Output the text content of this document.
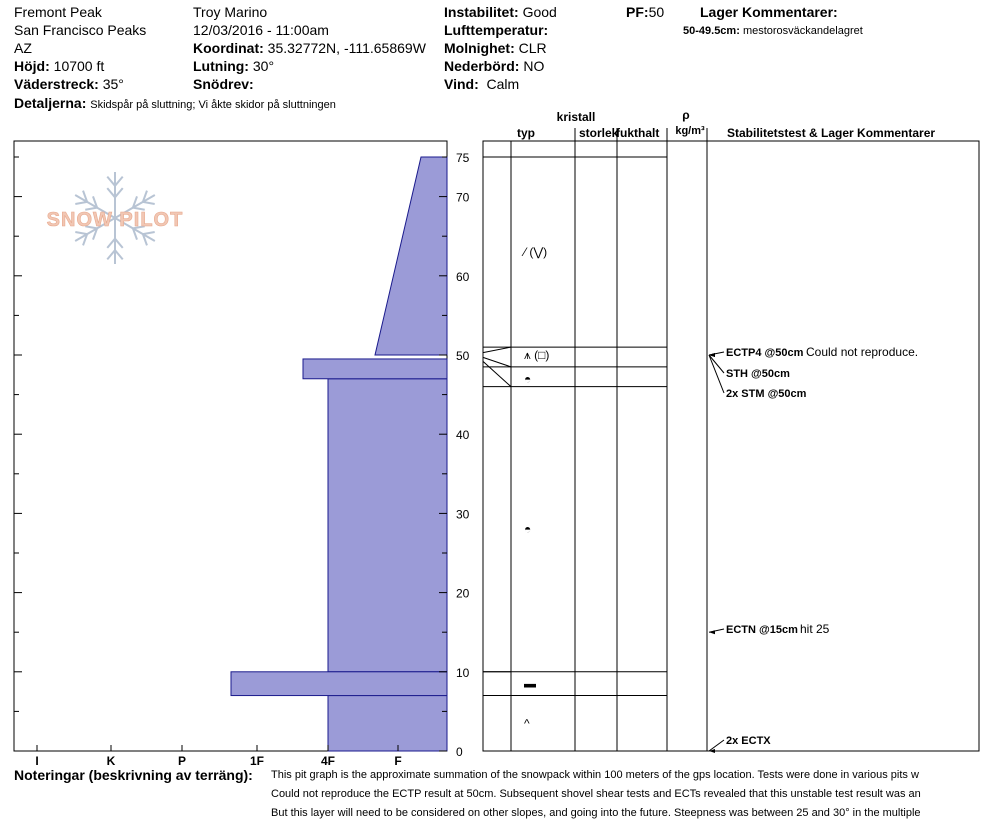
Fremont Peak
San Francisco Peaks
AZ
Höjd: 10700 ft
Väderstreck: 35°
Detaljerna: Skidspår på sluttning; Vi åkte skidor på sluttningen
Troy Marino
12/03/2016 - 11:00am
Koordinat: 35.32772N, -111.65869W
Lutning: 30°
Snödrev:
Instabilitet: Good
Lufttemperatur:
Molnighet: CLR
Nederbörd: NO
Vind: Calm
PF:50	Lager Kommentarer:
50-49.5cm: mestorosväckandelagret
SNOW PILOT
I	K	P	1F	4F	F
0
10
20
30
40
50
60
70
75
kristall
typ	storlek
fukthalt
ρ
kg/m³ Stabilitetstest & Lager Kommentarer
⁄ (⋁)
⩚ (□)
◓
◓
▬
^
ECTP4 @50cm Could not reproduce.
STH @50cm
2x STM @50cm
ECTN @15cm hit 25
2x ECTX
Noteringar (beskrivning av terräng): This pit graph is the approximate summation of the snowpack within 100 meters of the gps location. Tests were done in various pits w
Could not reproduce the ECTP result at 50cm. Subsequent shovel shear tests and ECTs revealed that this unstable test result was an
But this layer will need to be considered on other slopes, and going into the future. Steepness was between 25 and 30° in the multiple
